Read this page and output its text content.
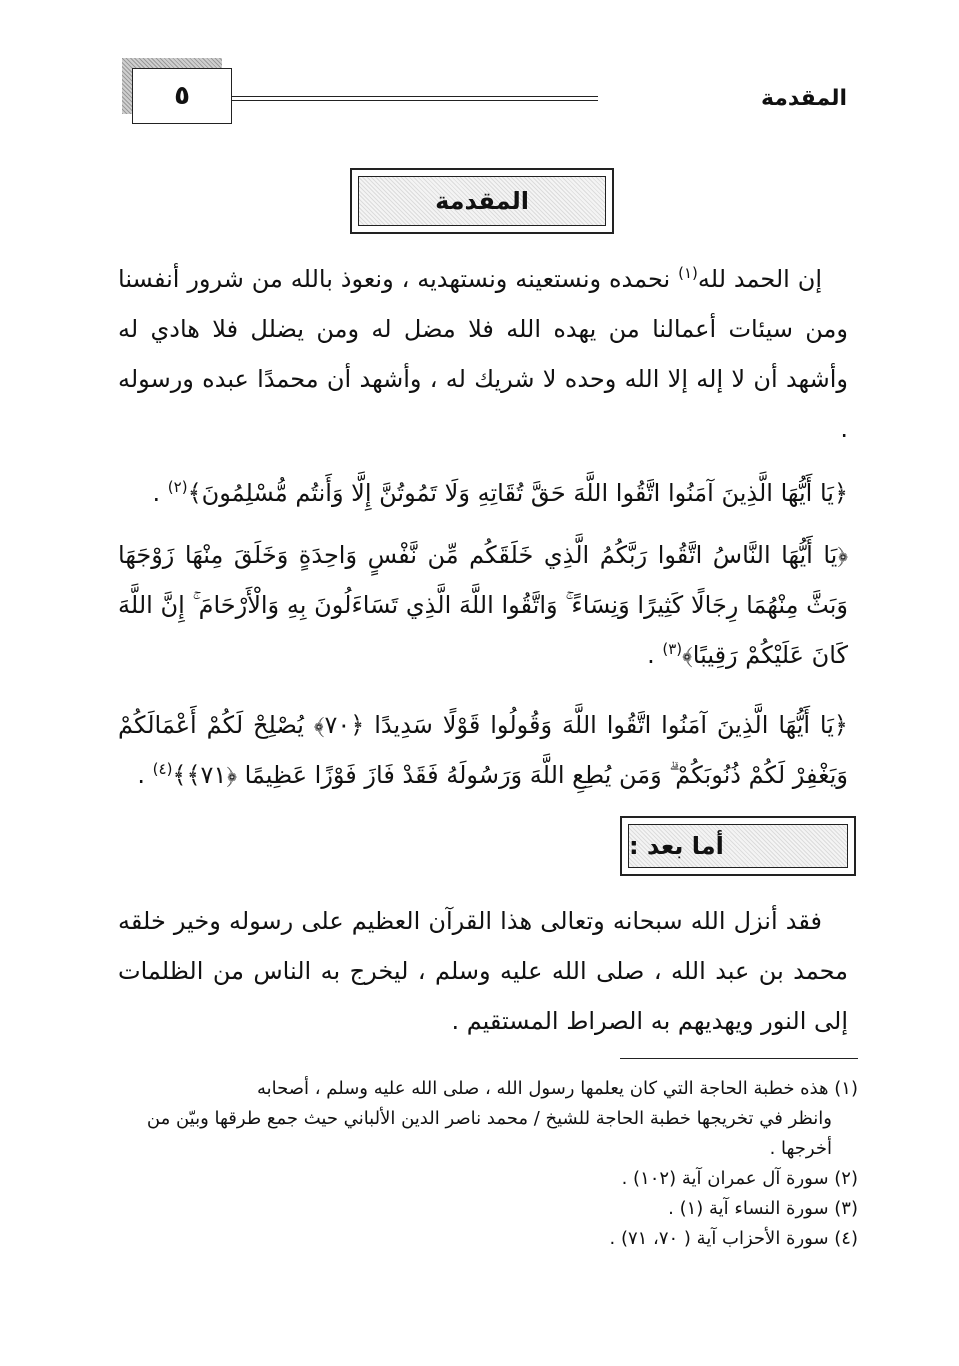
المقدمة
٥
المقدمة

إن الحمد لله$^{(١)}$ نحمده ونستعينه ونستهديه ، ونعوذ بالله من شرور أنفسنا ومن سيئات أعمالنا من يهده الله فلا مضل له ومن يضلل فلا هادي له وأشهد أن لا إله إلا الله وحده لا شريك له ، وأشهد أن محمدًا عبده ورسوله .

﴿يَا أَيُّهَا الَّذِينَ آمَنُوا اتَّقُوا اللَّهَ حَقَّ تُقَاتِهِ وَلَا تَمُوتُنَّ إِلَّا وَأَنتُم مُّسْلِمُونَ﴾$^{(٢)}$ .

﴿يَا أَيُّهَا النَّاسُ اتَّقُوا رَبَّكُمُ الَّذِي خَلَقَكُم مِّن نَّفْسٍ وَاحِدَةٍ وَخَلَقَ مِنْهَا زَوْجَهَا وَبَثَّ مِنْهُمَا رِجَالًا كَثِيرًا وَنِسَاءً ۚ وَاتَّقُوا اللَّهَ الَّذِي تَسَاءَلُونَ بِهِ وَالْأَرْحَامَ ۚ إِنَّ اللَّهَ كَانَ عَلَيْكُمْ رَقِيبًا﴾$^{(٣)}$ .

﴿يَا أَيُّهَا الَّذِينَ آمَنُوا اتَّقُوا اللَّهَ وَقُولُوا قَوْلًا سَدِيدًا ﴿٧٠﴾ يُصْلِحْ لَكُمْ أَعْمَالَكُمْ وَيَغْفِرْ لَكُمْ ذُنُوبَكُمْ ۗ وَمَن يُطِعِ اللَّهَ وَرَسُولَهُ فَقَدْ فَازَ فَوْزًا عَظِيمًا ﴿٧١﴾﴾$^{(٤)}$ .

أما بعد :

فقد أنزل الله سبحانه وتعالى هذا القرآن العظيم على رسوله وخير خلقه محمد بن عبد الله ، صلى الله عليه وسلم ، ليخرج به الناس من الظلمات إلى النور ويهديهم به الصراط المستقيم .

(١) هذه خطبة الحاجة التي كان يعلمها رسول الله ، صلى الله عليه وسلم ، أصحابه

وانظر في تخريجها خطبة الحاجة للشيخ / محمد ناصر الدين الألباني حيث جمع طرقها وبيّن من أخرجها .

(٢) سورة آل عمران آية (١٠٢) .

(٣) سورة النساء آية (١) .

(٤) سورة الأحزاب آية ( ٧٠، ٧١) .
